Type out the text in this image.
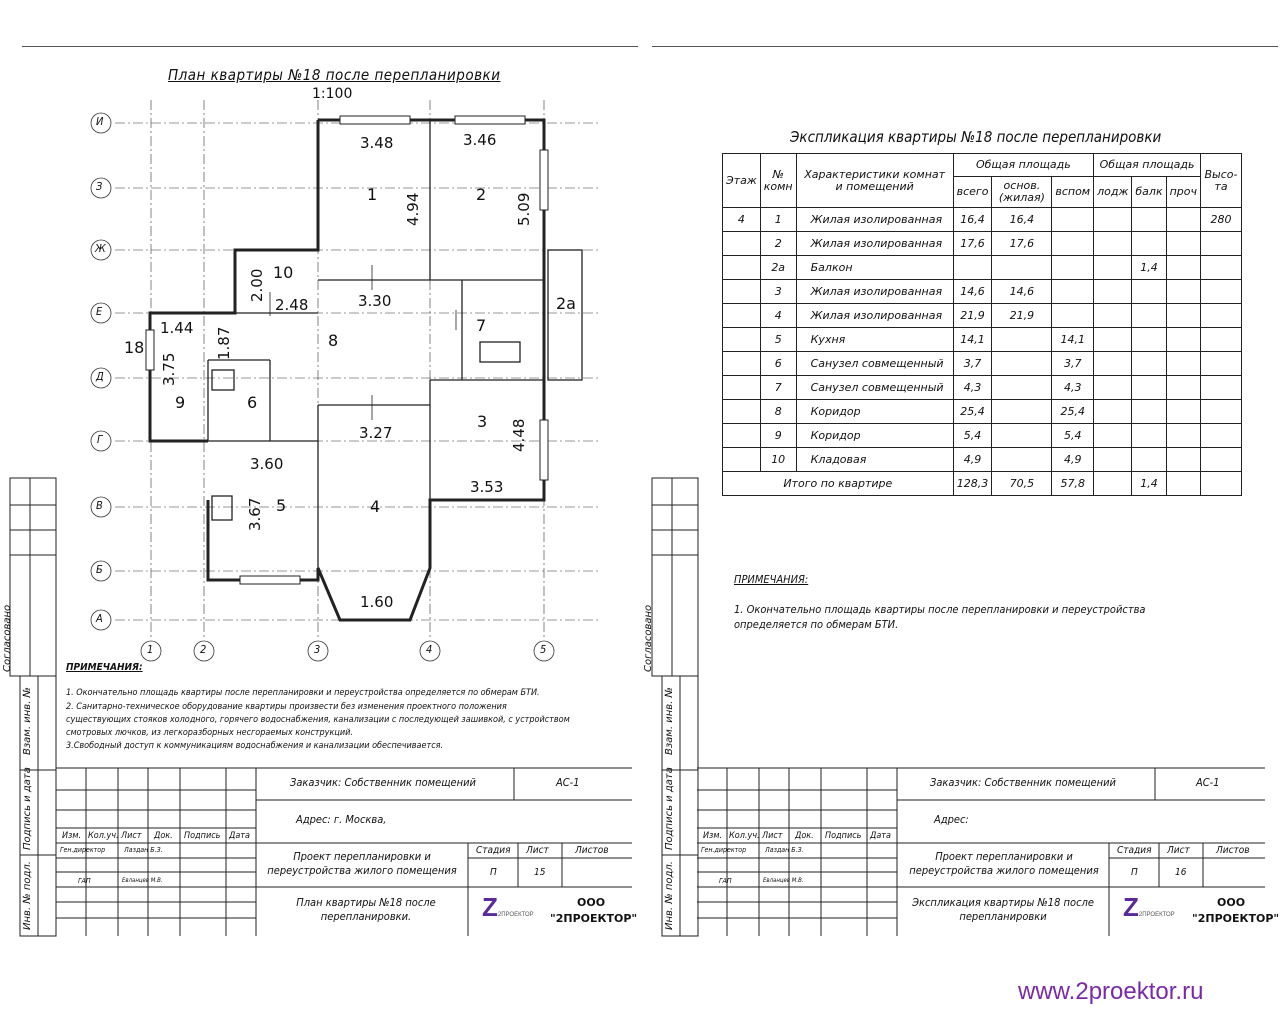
План квартиры №18 после перепланировки
1:100
И
З
Ж
Е
Д
Г
В
Б
А
1	2	3	4	5
1	2
2а
3
4
5
6
7
8
9
10
18
3.48	3.46
4.94	5.09
2.00
2.48	3.30
1.44 1.87
3.75
3.27	4.48
3.60
3.53
3.67
1.60
ПРИМЕЧАНИЯ:
1. Окончательно площадь квартиры после перепланировки и переустройства определяется по обмерам БТИ.
2. Санитарно-техническое оборудование квартиры произвести без изменения проектного положения
существующих стояков холодного, горячего водоснабжения, канализации с последующей зашивкой, с устройством
смотровых лючков, из легкоразборных несгораемых конструкций.
3.Свободный доступ к коммуникациям водоснабжения и канализации обеспечивается.
Согласовано
Взам. инв. №
Подпись и дата
Инв. № подл.
Заказчик: Собственник помещений	АС-1
Адрес: г. Москва,
Изм. Кол.уч. Лист Док. Подпись Дата
Ген.директор	Лаздан Б.З.
ГАП	Евланцев М.В.
Проект перепланировки и переустройства жилого помещения
Стадия Лист	Листов
П	15
План квартиры №18 после перепланировки.	Z2ПРОЕКТОР
ООО
"2ПРОЕКТОР"
Экспликация квартиры №18 после перепланировки
Этаж	№ комн	Характеристики комнат и помещений	Общая площадь			Общая площадь			Высо-та
			всего	основ. (жилая)	вспом	лодж	балк	проч	
4	1	Жилая изолированная	16,4	16,4					280
	2	Жилая изолированная	17,6	17,6					
	2а	Балкон					1,4		
	3	Жилая изолированная	14,6	14,6					
	4	Жилая изолированная	21,9	21,9					
	5	Кухня	14,1		14,1				
	6	Санузел совмещенный	3,7		3,7				
	7	Санузел совмещенный	4,3		4,3				
	8	Коридор	25,4		25,4				
	9	Коридор	5,4		5,4				
	10	Кладовая	4,9		4,9				
Итого по квартире			128,3	70,5	57,8		1,4		
ПРИМЕЧАНИЯ:
1. Окончательно площадь квартиры после перепланировки и переустройства
определяется по обмерам БТИ.
Согласовано
Взам. инв. №
Подпись и дата
Инв. № подл.
Заказчик: Собственник помещений	АС-1
Адрес:
Изм. Кол.уч. Лист Док. Подпись Дата
Ген.директор	Лаздан Б.З.
ГАП	Евланцев М.В.
Проект перепланировки и переустройства жилого помещения
Стадия Лист	Листов
П	16
Экспликация квартиры №18 после перепланировки	Z2ПРОЕКТОР
ООО
"2ПРОЕКТОР"
www.2proektor.ru
